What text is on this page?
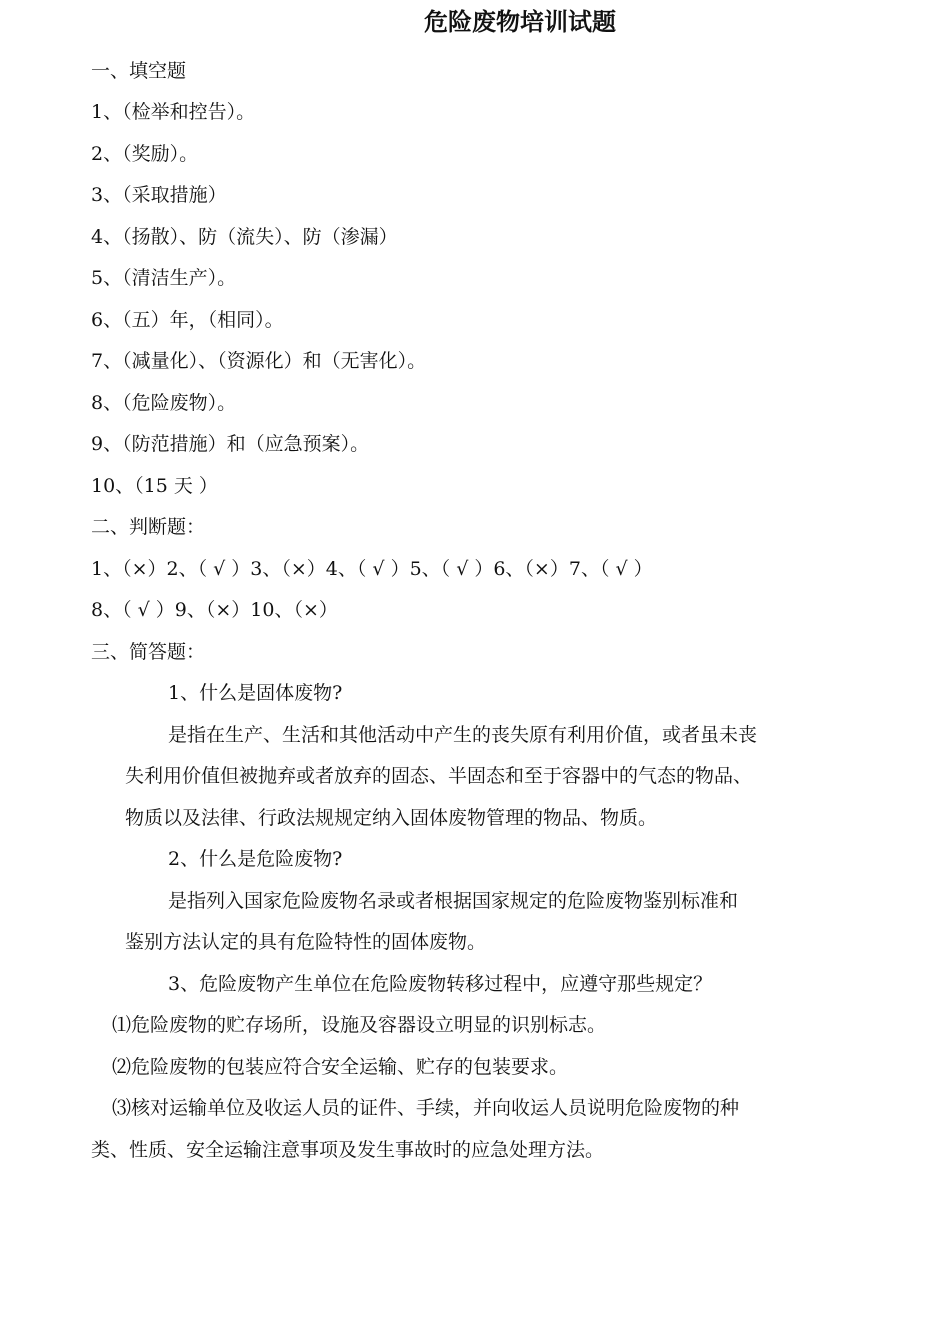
危险废物培训试题
一、填空题
1、（检举和控告）。
2、（奖励）。
3、（采取措施）
4、（扬散）、防（流失）、防（渗漏）
5、（清洁生产）。
6、（五）年，（相同）。
7、（减量化）、（资源化）和（无害化）。
8、（危险废物）。
9、（防范措施）和（应急预案）。
10、（15 天 ）
二、判断题：
1、（×）2、（ √ ）3、（×）4、（ √ ）5、（ √ ）6、（×）7、（ √ ）
8、（ √ ）9、（×）10、（×）
三、简答题：
1、什么是固体废物?
是指在生产、生活和其他活动中产生的丧失原有利用价值，或者虽未丧
失利用价值但被抛弃或者放弃的固态、半固态和至于容器中的气态的物品、
物质以及法律、行政法规规定纳入固体废物管理的物品、物质。
2、什么是危险废物?
是指列入国家危险废物名录或者根据国家规定的危险废物鉴别标准和
鉴别方法认定的具有危险特性的固体废物。
3、危险废物产生单位在危险废物转移过程中，应遵守那些规定？
⑴危险废物的贮存场所，设施及容器设立明显的识别标志。
⑵危险废物的包装应符合安全运输、贮存的包装要求。
⑶核对运输单位及收运人员的证件、手续，并向收运人员说明危险废物的种
类、性质、安全运输注意事项及发生事故时的应急处理方法。
